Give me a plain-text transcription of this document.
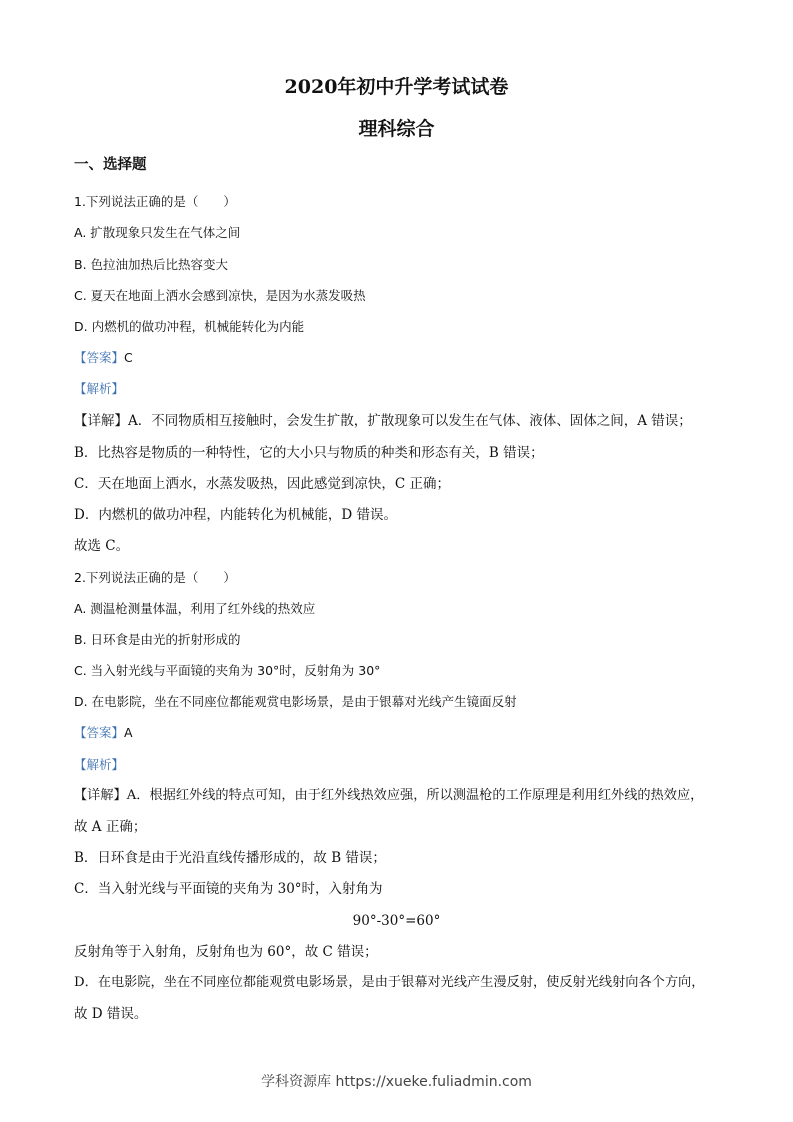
2020年初中升学考试试卷
理科综合
一、选择题
1.下列说法正确的是（　　）
A. 扩散现象只发生在气体之间
B. 色拉油加热后比热容变大
C. 夏天在地面上洒水会感到凉快，是因为水蒸发吸热
D. 内燃机的做功冲程，机械能转化为内能
【答案】C
【解析】
【详解】A．不同物质相互接触时，会发生扩散，扩散现象可以发生在气体、液体、固体之间，A 错误；
B．比热容是物质的一种特性，它的大小只与物质的种类和形态有关，B 错误；
C．天在地面上洒水，水蒸发吸热，因此感觉到凉快，C 正确；
D．内燃机的做功冲程，内能转化为机械能，D 错误。
故选 C。
2.下列说法正确的是（　　）
A. 测温枪测量体温，利用了红外线的热效应
B. 日环食是由光的折射形成的
C. 当入射光线与平面镜的夹角为 30°时，反射角为 30°
D. 在电影院，坐在不同座位都能观赏电影场景，是由于银幕对光线产生镜面反射
【答案】A
【解析】
【详解】A．根据红外线的特点可知，由于红外线热效应强，所以测温枪的工作原理是利用红外线的热效应，
故 A 正确；
B．日环食是由于光沿直线传播形成的，故 B 错误；
C．当入射光线与平面镜的夹角为 30°时，入射角为
90°-30°=60°
反射角等于入射角，反射角也为 60°，故 C 错误；
D．在电影院，坐在不同座位都能观赏电影场景，是由于银幕对光线产生漫反射，使反射光线射向各个方向，
故 D 错误。
学科资源库 https://xueke.fuliadmin.com
